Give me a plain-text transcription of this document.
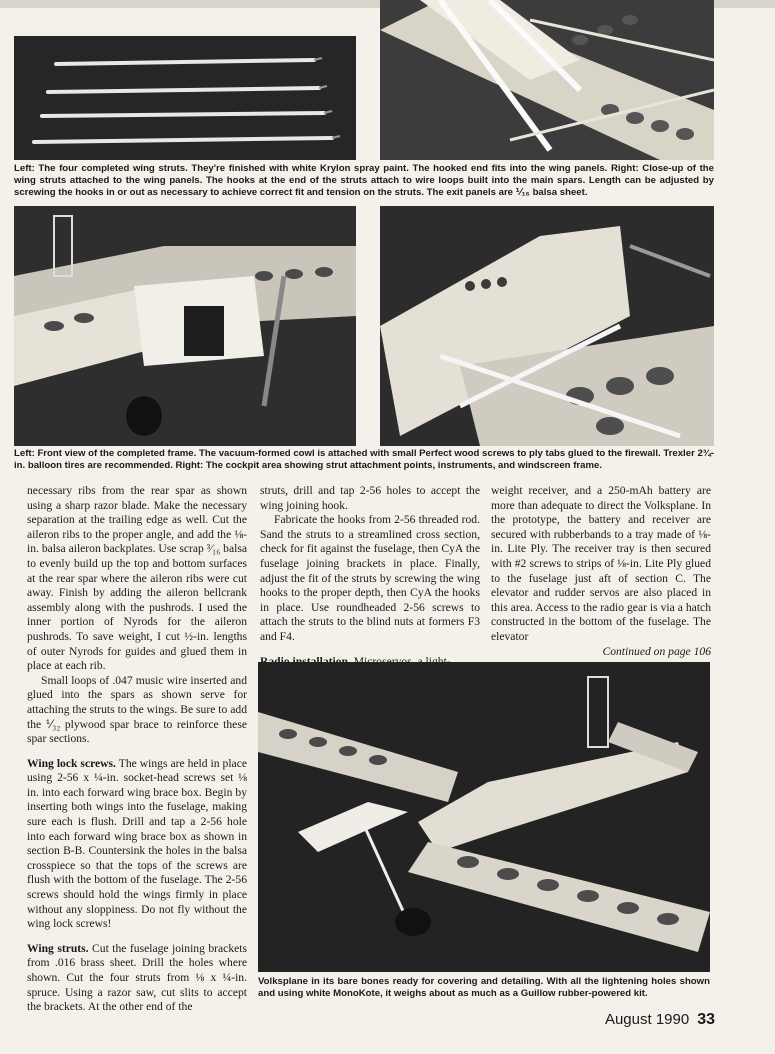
Left: The four completed wing struts. They're finished with white Krylon spray paint. The hooked end fits into the wing panels. Right: Close-up of the wing struts attached to the wing panels. The hooks at the end of the struts attach to wire loops built into the main spars. Length can be adjusted by screwing the hooks in or out as necessary to achieve correct fit and tension on the struts. The exit panels are ⅟₁₆ balsa sheet.
Left: Front view of the completed frame. The vacuum-formed cowl is attached with small Perfect wood screws to ply tabs glued to the firewall. Trexler 2¾-in. balloon tires are recommended. Right: The cockpit area showing strut attachment points, instruments, and windscreen frame.

necessary ribs from the rear spar as shown using a sharp razor blade. Make the necessary separation at the trailing edge as well. Cut the aileron ribs to the proper angle, and add the ⅛-in. balsa aileron backplates. Use scrap ³⁄₁₆ balsa to evenly build up the top and bottom surfaces at the rear spar where the aileron ribs were cut away. Finish by adding the aileron bellcrank assembly along with the pushrods. I used the inner portion of Nyrods for the aileron pushrods. To save weight, I cut ½-in. lengths of outer Nyrods for guides and glued them in place at each rib.

Small loops of .047 music wire inserted and glued into the spars as shown serve for attaching the struts to the wings. Be sure to add the ⅟₃₂ plywood spar brace to reinforce these spar sections.

Wing lock screws. The wings are held in place using 2-56 x ¼-in. socket-head screws set ⅛ in. into each forward wing brace box. Begin by inserting both wings into the fuselage, making sure each is flush. Drill and tap a 2-56 hole into each forward wing brace box as shown in section B-B. Countersink the holes in the balsa crosspiece so that the tops of the screws are flush with the bottom of the fuselage. The 2-56 screws should hold the wings firmly in place without any sloppiness. Do not fly without the wing lock screws!

Wing struts. Cut the fuselage joining brackets from .016 brass sheet. Drill the holes where shown. Cut the four struts from ⅛ x ¼-in. spruce. Using a razor saw, cut slits to accept the brackets. At the other end of the

struts, drill and tap 2-56 holes to accept the wing joining hook.

Fabricate the hooks from 2-56 threaded rod. Sand the struts to a streamlined cross section, check for fit against the fuselage, then CyA the fuselage joining brackets in place. Finally, adjust the fit of the struts by screwing the wing hooks to the proper depth, then CyA the hooks in place. Use roundheaded 2-56 screws to attach the struts to the blind nuts at formers F3 and F4.

weight receiver, and a 250-mAh battery are more than adequate to direct the Volksplane. In the prototype, the battery and receiver are secured with rubberbands to a tray made of ⅛-in. Lite Ply. The receiver tray is then secured with #2 screws to strips of ⅛-in. Lite Ply glued to the fuselage just aft of section C. The elevator and rudder servos are also placed in this area. Access to the radio gear is via a hatch constructed in the bottom of the fuselage. The elevator

Continued on page 106

Volksplane in its bare bones ready for covering and detailing. With all the lightening holes shown and using white MonoKote, it weighs about as much as a Guillow rubber-powered kit.
August 1990 33
